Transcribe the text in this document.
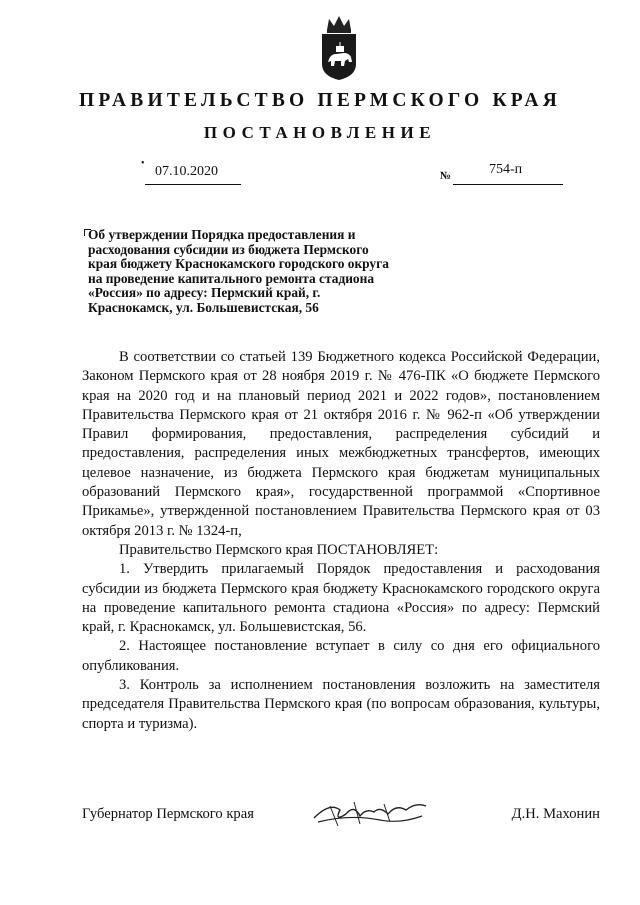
ПРАВИТЕЛЬСТВО ПЕРМСКОГО КРАЯ
ПОСТАНОВЛЕНИЕ
•
07.10.2020	№	754-п
Об утверждении Порядка предоставления и расходования субсидии из бюджета Пермского края бюджету Краснокамского городского округа на проведение капитального ремонта стадиона «Россия» по адресу: Пермский край, г. Краснокамск, ул. Большевистская, 56

В соответствии со статьей 139 Бюджетного кодекса Российской Федерации, Законом Пермского края от 28 ноября 2019 г. № 476-ПК «О бюджете Пермского края на 2020 год и на плановый период 2021 и 2022 годов», постановлением Правительства Пермского края от 21 октября 2016 г. № 962-п «Об утверждении Правил формирования, предоставления, распределения субсидий и предоставления, распределения иных межбюджетных трансфертов, имеющих целевое назначение, из бюджета Пермского края бюджетам муниципальных образований Пермского края», государственной программой «Спортивное Прикамье», утвержденной постановлением Правительства Пермского края от 03 октября 2013 г. № 1324-п,

Правительство Пермского края ПОСТАНОВЛЯЕТ:

1. Утвердить прилагаемый Порядок предоставления и расходования субсидии из бюджета Пермского края бюджету Краснокамского городского округа на проведение капитального ремонта стадиона «Россия» по адресу: Пермский край, г. Краснокамск, ул. Большевистская, 56.

2. Настоящее постановление вступает в силу со дня его официального опубликования.

3. Контроль за исполнением постановления возложить на заместителя председателя Правительства Пермского края (по вопросам образования, культуры, спорта и туризма).

Губернатор Пермского края	Д.Н. Махонин
